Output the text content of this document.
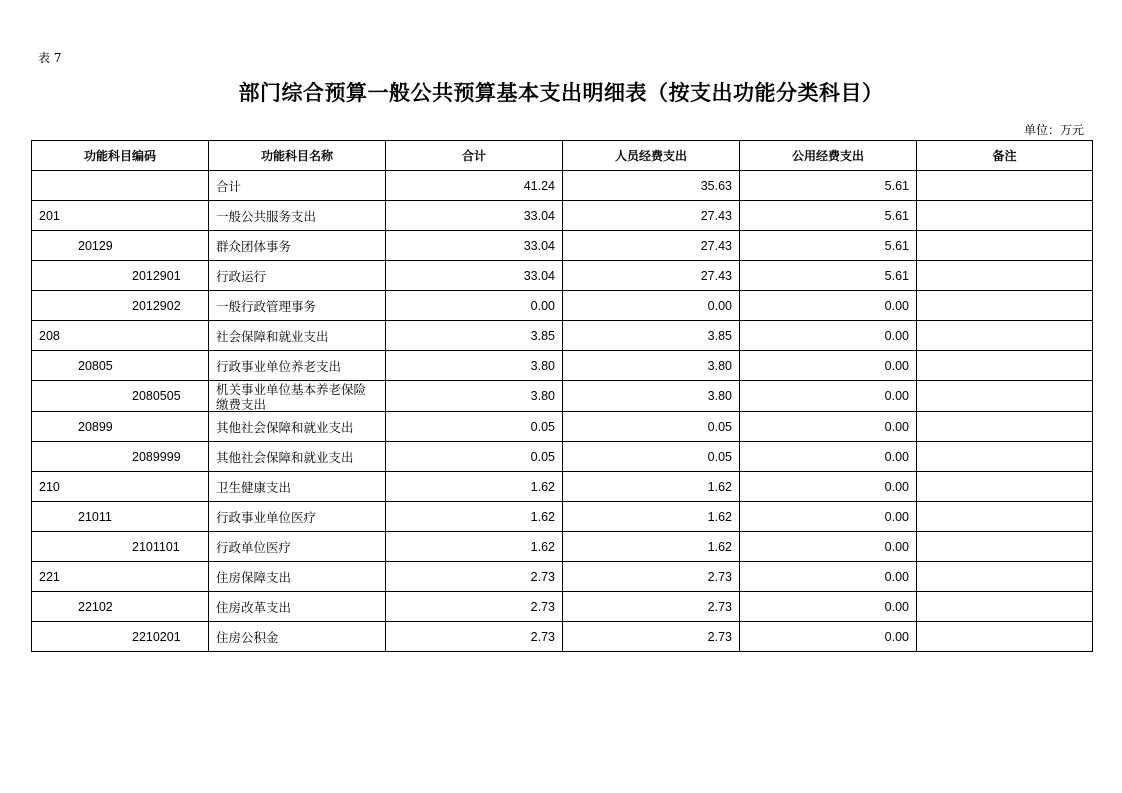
表 7
部门综合预算一般公共预算基本支出明细表（按支出功能分类科目）
单位：万元
功能科目编码	功能科目名称	合计	人员经费支出	公用经费支出	备注
	合计	41.24	35.63	5.61	
201	一般公共服务支出	33.04	27.43	5.61	
20129	群众团体事务	33.04	27.43	5.61	
2012901	行政运行	33.04	27.43	5.61	
2012902	一般行政管理事务	0.00	0.00	0.00	
208	社会保障和就业支出	3.85	3.85	0.00	
20805	行政事业单位养老支出	3.80	3.80	0.00	
2080505	机关事业单位基本养老保险缴费支出	3.80	3.80	0.00	
20899	其他社会保障和就业支出	0.05	0.05	0.00	
2089999	其他社会保障和就业支出	0.05	0.05	0.00	
210	卫生健康支出	1.62	1.62	0.00	
21011	行政事业单位医疗	1.62	1.62	0.00	
2101101	行政单位医疗	1.62	1.62	0.00	
221	住房保障支出	2.73	2.73	0.00	
22102	住房改革支出	2.73	2.73	0.00	
2210201	住房公积金	2.73	2.73	0.00	
